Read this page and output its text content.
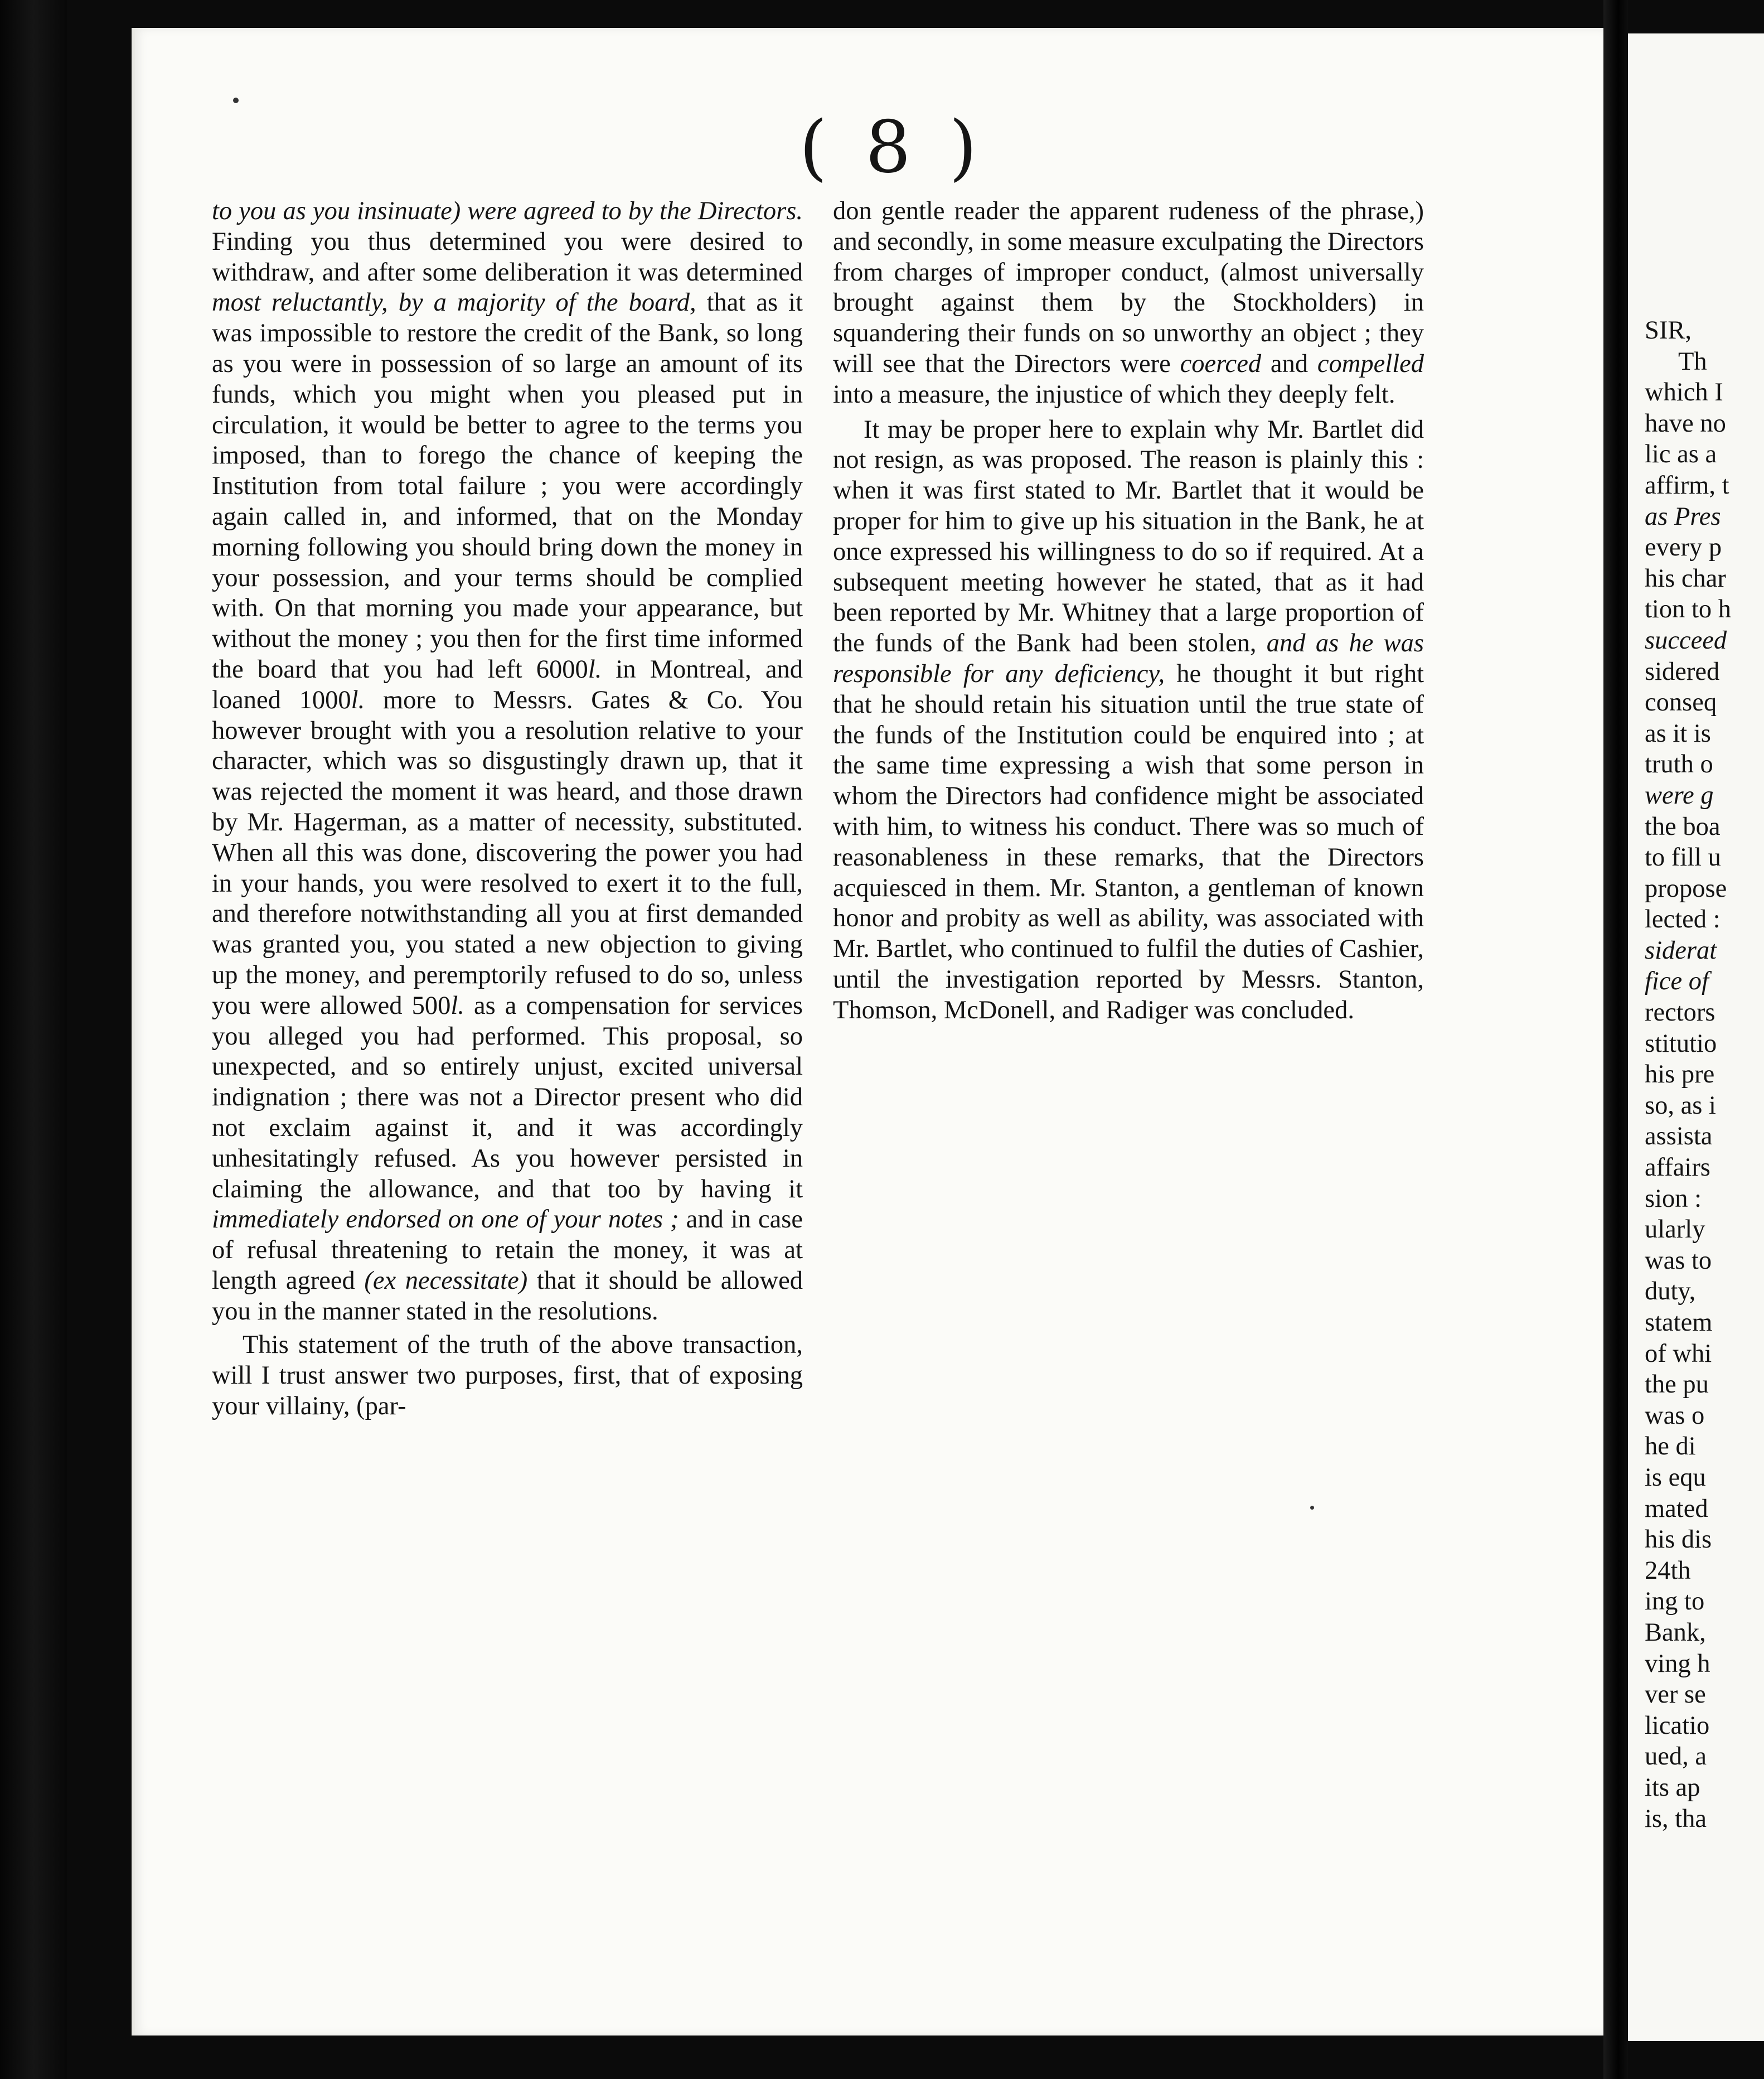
( 8 )

to you as you insinuate) were agreed to by the Directors. Finding you thus determined you were desired to withdraw, and after some deliberation it was determined most reluctantly, by a majority of the board, that as it was impossible to restore the credit of the Bank, so long as you were in possession of so large an amount of its funds, which you might when you pleased put in circulation, it would be better to agree to the terms you imposed, than to forego the chance of keeping the Institution from total failure ; you were accordingly again called in, and informed, that on the Monday morning following you should bring down the money in your possession, and your terms should be complied with. On that morning you made your appearance, but without the money ; you then for the first time informed the board that you had left 6000l. in Montreal, and loaned 1000l. more to Messrs. Gates & Co. You however brought with you a resolution relative to your character, which was so disgustingly drawn up, that it was rejected the moment it was heard, and those drawn by Mr. Hagerman, as a matter of necessity, substituted. When all this was done, discovering the power you had in your hands, you were resolved to exert it to the full, and therefore notwithstanding all you at first demanded was granted you, you stated a new objection to giving up the money, and peremptorily refused to do so, unless you were allowed 500l. as a compensation for services you alleged you had performed. This proposal, so unexpected, and so entirely unjust, excited universal indignation ; there was not a Director present who did not exclaim against it, and it was accordingly unhesitatingly refused. As you however persisted in claiming the allowance, and that too by having it immediately endorsed on one of your notes ; and in case of refusal threatening to retain the money, it was at length agreed (ex necessitate) that it should be allowed you in the manner stated in the resolutions.

This statement of the truth of the above transaction, will I trust answer two purposes, first, that of exposing your villainy, (par-

don gentle reader the apparent rudeness of the phrase,) and secondly, in some measure exculpating the Directors from charges of improper conduct, (almost universally brought against them by the Stockholders) in squandering their funds on so unworthy an object ; they will see that the Directors were coerced and compelled into a measure, the injustice of which they deeply felt.

It may be proper here to explain why Mr. Bartlet did not resign, as was proposed. The reason is plainly this : when it was first stated to Mr. Bartlet that it would be proper for him to give up his situation in the Bank, he at once expressed his willingness to do so if required. At a subsequent meeting however he stated, that as it had been reported by Mr. Whitney that a large proportion of the funds of the Bank had been stolen, and as he was responsible for any deficiency, he thought it but right that he should retain his situation until the true state of the funds of the Institution could be enquired into ; at the same time expressing a wish that some person in whom the Directors had confidence might be associated with him, to witness his conduct. There was so much of reasonableness in these remarks, that the Directors acquiesced in them. Mr. Stanton, a gentleman of known honor and probity as well as ability, was associated with Mr. Bartlet, who continued to fulfil the duties of Cashier, until the investigation reported by Messrs. Stanton, Thomson, McDonell, and Radiger was concluded.

SIR,
Th
which I
have no
lic as a
affirm, t
as Pres
every p
his char
tion to h
succeed
sidered
conseq
as it is
truth o
were g
the boa
to fill u
propose
lected :
siderat
fice of
rectors
stitutio
his pre
so, as i
assista
affairs
sion :
ularly
was to
duty,
statem
of whi
the pu
was o
he di
is equ
mated
his dis
24th
ing to
Bank,
ving h
ver se
licatio
ued, a
its ap
is, tha
